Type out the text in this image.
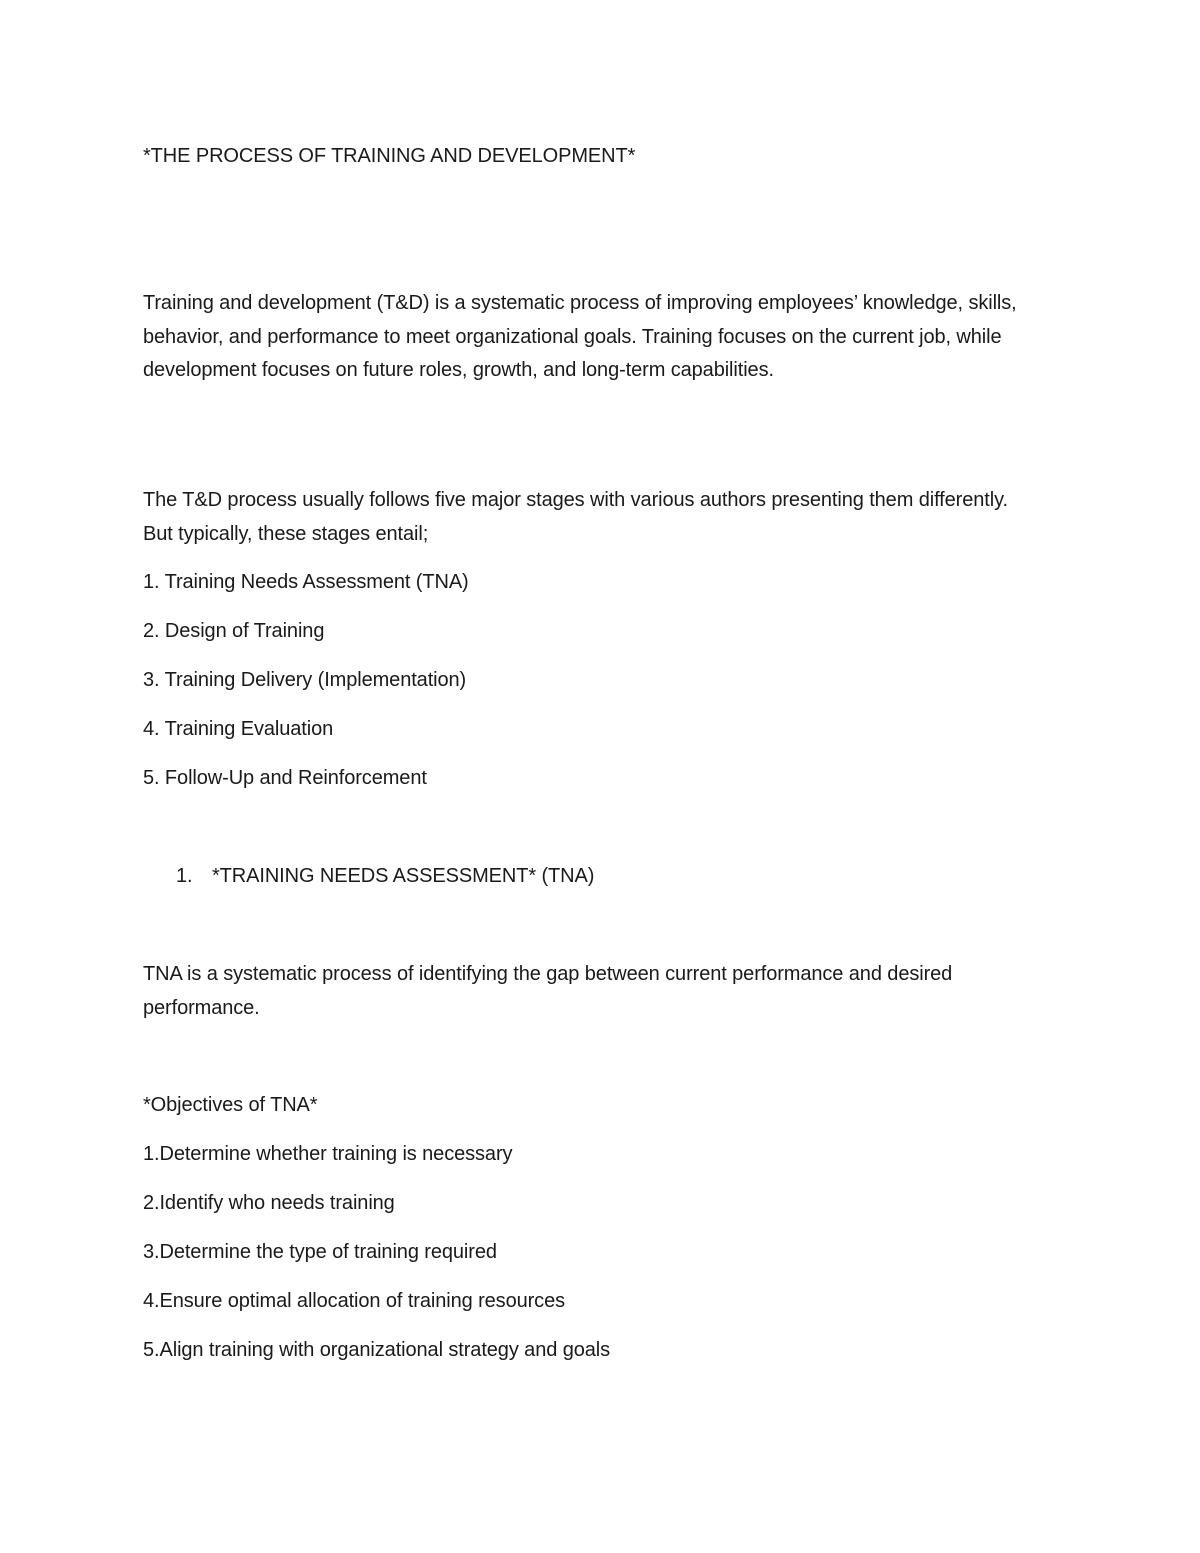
*THE PROCESS OF TRAINING AND DEVELOPMENT*
Training and development (T&D) is a systematic process of improving employees’ knowledge, skills, behavior, and performance to meet organizational goals. Training focuses on the current job, while development focuses on future roles, growth, and long-term capabilities.
The T&D process usually follows five major stages with various authors presenting them differently. But typically, these stages entail;
1. Training Needs Assessment (TNA)
2. Design of Training
3. Training Delivery (Implementation)
4. Training Evaluation
5. Follow-Up and Reinforcement
1. *TRAINING NEEDS ASSESSMENT* (TNA)
TNA is a systematic process of identifying the gap between current performance and desired performance.
*Objectives of TNA*
1.Determine whether training is necessary
2.Identify who needs training
3.Determine the type of training required
4.Ensure optimal allocation of training resources
5.Align training with organizational strategy and goals
